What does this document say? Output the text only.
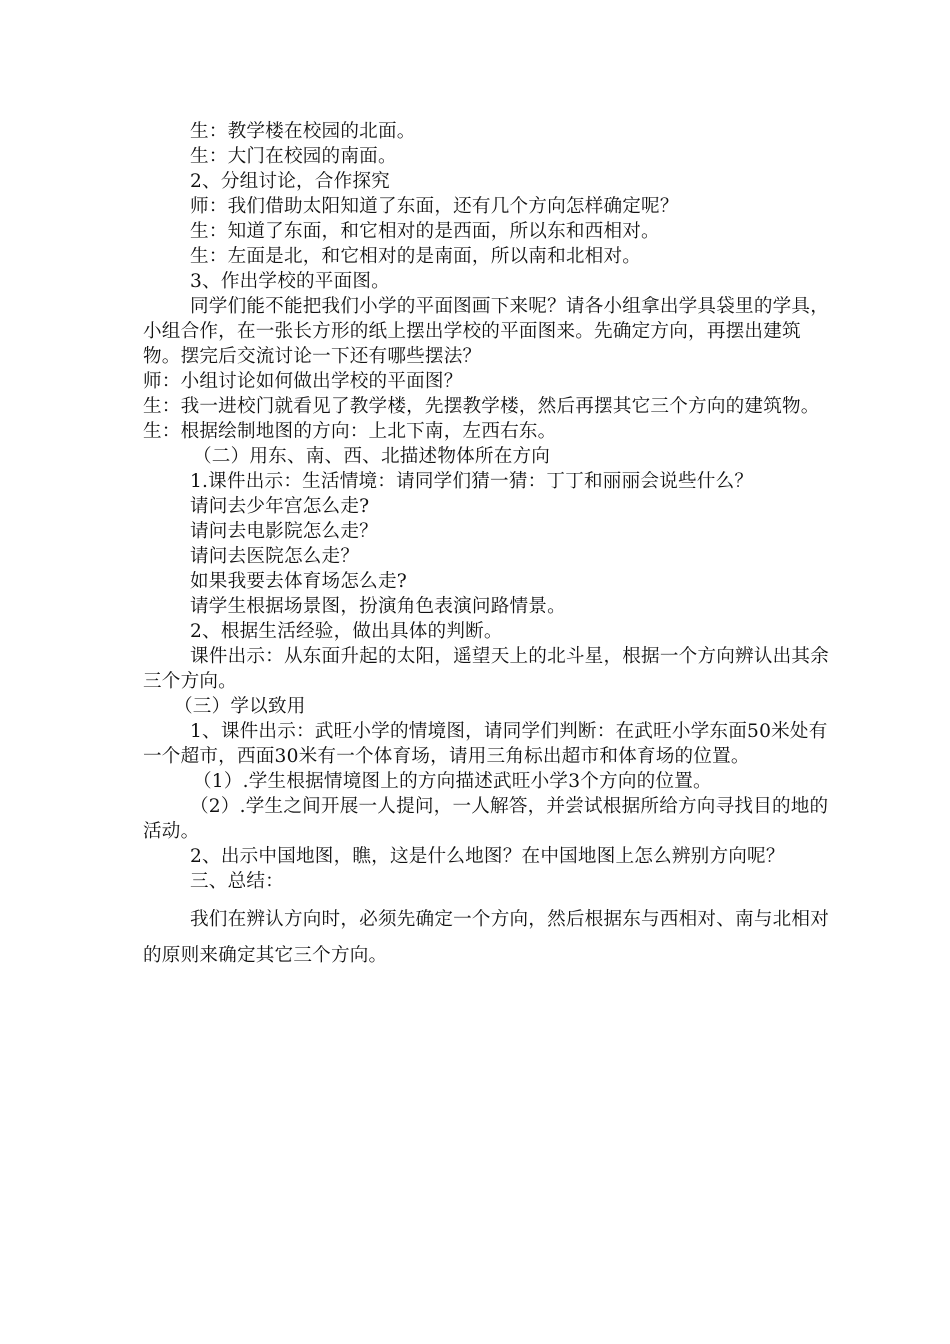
生：教学楼在校园的北面。

生：大门在校园的南面。

2、分组讨论，合作探究

师：我们借助太阳知道了东面，还有几个方向怎样确定呢？

生：知道了东面，和它相对的是西面，所以东和西相对。

生：左面是北，和它相对的是南面，所以南和北相对。

3、作出学校的平面图。

同学们能不能把我们小学的平面图画下来呢？请各小组拿出学具袋里的学具，小组合作，在一张长方形的纸上摆出学校的平面图来。先确定方向，再摆出建筑物。摆完后交流讨论一下还有哪些摆法？

师：小组讨论如何做出学校的平面图？

生：我一进校门就看见了教学楼，先摆教学楼，然后再摆其它三个方向的建筑物。

生：根据绘制地图的方向：上北下南，左西右东。

（二）用东、南、西、北描述物体所在方向

1.课件出示：生活情境：请同学们猜一猜：丁丁和丽丽会说些什么？

请问去少年宫怎么走?

请问去电影院怎么走？

请问去医院怎么走？

如果我要去体育场怎么走?

请学生根据场景图，扮演角色表演问路情景。

2、根据生活经验，做出具体的判断。

课件出示：从东面升起的太阳，遥望天上的北斗星，根据一个方向辨认出其余三个方向。

（三）学以致用

1、课件出示：武旺小学的情境图，请同学们判断：在武旺小学东面50米处有一个超市，西面30米有一个体育场，请用三角标出超市和体育场的位置。

（1）.学生根据情境图上的方向描述武旺小学3个方向的位置。

（2）.学生之间开展一人提问，一人解答，并尝试根据所给方向寻找目的地的活动。

2、出示中国地图，瞧，这是什么地图？在中国地图上怎么辨别方向呢？

三、总结：

我们在辨认方向时，必须先确定一个方向，然后根据东与西相对、南与北相对的原则来确定其它三个方向。
